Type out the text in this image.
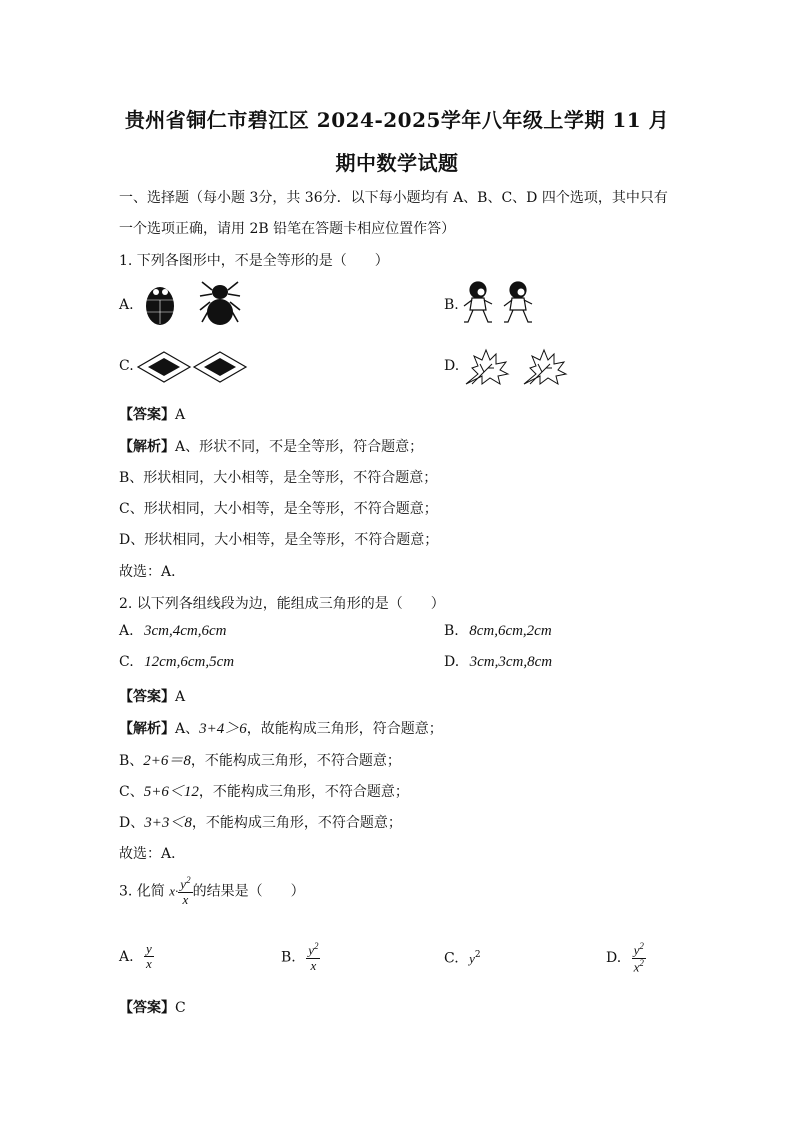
贵州省铜仁市碧江区 2024-2025学年八年级上学期 11 月
期中数学试题
一、选择题（每小题 3分，共 36分．以下每小题均有 A、B、C、D 四个选项，其中只有
一个选项正确，请用 2B 铅笔在答题卡相应位置作答）
1. 下列各图形中，不是全等形的是（　　）
A.	B.
C.	D.
【答案】A
【解析】A、形状不同，不是全等形，符合题意；
B、形状相同，大小相等，是全等形，不符合题意；
C、形状相同，大小相等，是全等形，不符合题意；
D、形状相同，大小相等，是全等形，不符合题意；
故选：A．
2. 以下列各组线段为边，能组成三角形的是（　　）
A. 3cm,4cm,6cm	B. 8cm,6cm,2cm
C. 12cm,6cm,5cm	D. 3cm,3cm,8cm
【答案】A
【解析】A、3+4＞6，故能构成三角形，符合题意；
B、2+6＝8，不能构成三角形，不符合题意；
C、5+6＜12，不能构成三角形，不符合题意；
D、3+3＜8，不能构成三角形，不符合题意；
故选：A．
3. 化简 $x\cdot \frac{y^2}{x}$ 的结果是（　　）
A. $\frac{y}{x}$	B. $\frac{y^2}{x}$	C. $y^2$	D. $\frac{y^2}{x^2}$
【答案】C
